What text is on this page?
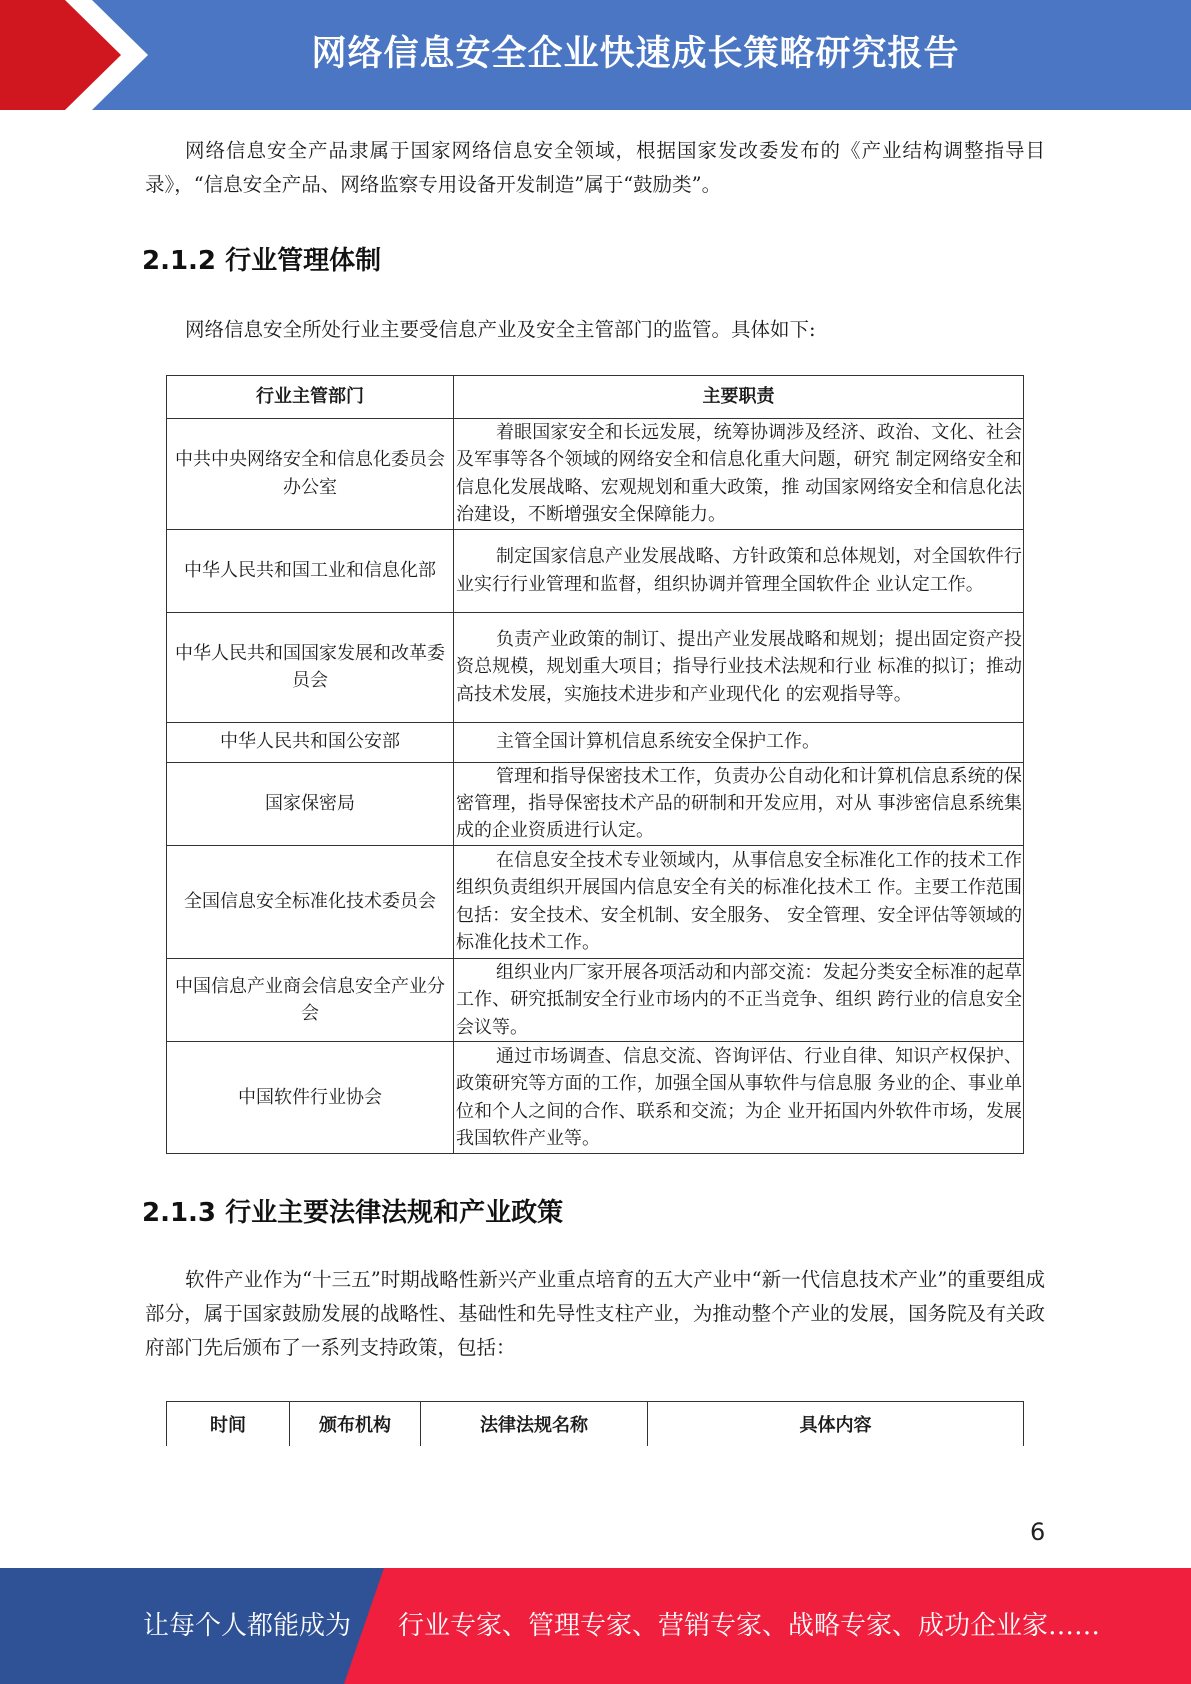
网络信息安全企业快速成长策略研究报告
网络信息安全产品隶属于国家网络信息安全领域，根据国家发改委发布的《产业结构调整指导目录》，“信息安全产品、网络监察专用设备开发制造”属于“鼓励类”。
2.1.2 行业管理体制
网络信息安全所处行业主要受信息产业及安全主管部门的监管。具体如下:
行业主管部门	主要职责
中共中央网络安全和信息化委员会办公室	着眼国家安全和长远发展，统筹协调涉及经济、政治、文化、社会及军事等各个领域的网络安全和信息化重大问题，研究 制定网络安全和信息化发展战略、宏观规划和重大政策，推 动国家网络安全和信息化法治建设，不断增强安全保障能力。
中华人民共和国工业和信息化部	制定国家信息产业发展战略、方针政策和总体规划，对全国软件行业实行行业管理和监督，组织协调并管理全国软件企 业认定工作。
中华人民共和国国家发展和改革委员会	负责产业政策的制订、提出产业发展战略和规划；提出固定资产投资总规模，规划重大项目；指导行业技术法规和行业 标准的拟订；推动高技术发展，实施技术进步和产业现代化 的宏观指导等。
中华人民共和国公安部	主管全国计算机信息系统安全保护工作。
国家保密局	管理和指导保密技术工作，负责办公自动化和计算机信息系统的保密管理，指导保密技术产品的研制和开发应用，对从 事涉密信息系统集成的企业资质进行认定。
全国信息安全标准化技术委员会	在信息安全技术专业领域内，从事信息安全标准化工作的技术工作组织负责组织开展国内信息安全有关的标准化技术工 作。主要工作范围包括：安全技术、安全机制、安全服务、 安全管理、安全评估等领域的标准化技术工作。
中国信息产业商会信息安全产业分会	组织业内厂家开展各项活动和内部交流：发起分类安全标准的起草工作、研究抵制安全行业市场内的不正当竞争、组织 跨行业的信息安全会议等。
中国软件行业协会	通过市场调查、信息交流、咨询评估、行业自律、知识产权保护、政策研究等方面的工作，加强全国从事软件与信息服 务业的企、事业单位和个人之间的合作、联系和交流；为企 业开拓国内外软件市场，发展我国软件产业等。
2.1.3 行业主要法律法规和产业政策
软件产业作为“十三五”时期战略性新兴产业重点培育的五大产业中“新一代信息技术产业”的重要组成部分，属于国家鼓励发展的战略性、基础性和先导性支柱产业，为推动整个产业的发展，国务院及有关政府部门先后颁布了一系列支持政策，包括：
时间	颁布机构	法律法规名称	具体内容
6
让每个人都能成为	行业专家、管理专家、营销专家、战略专家、成功企业家……
